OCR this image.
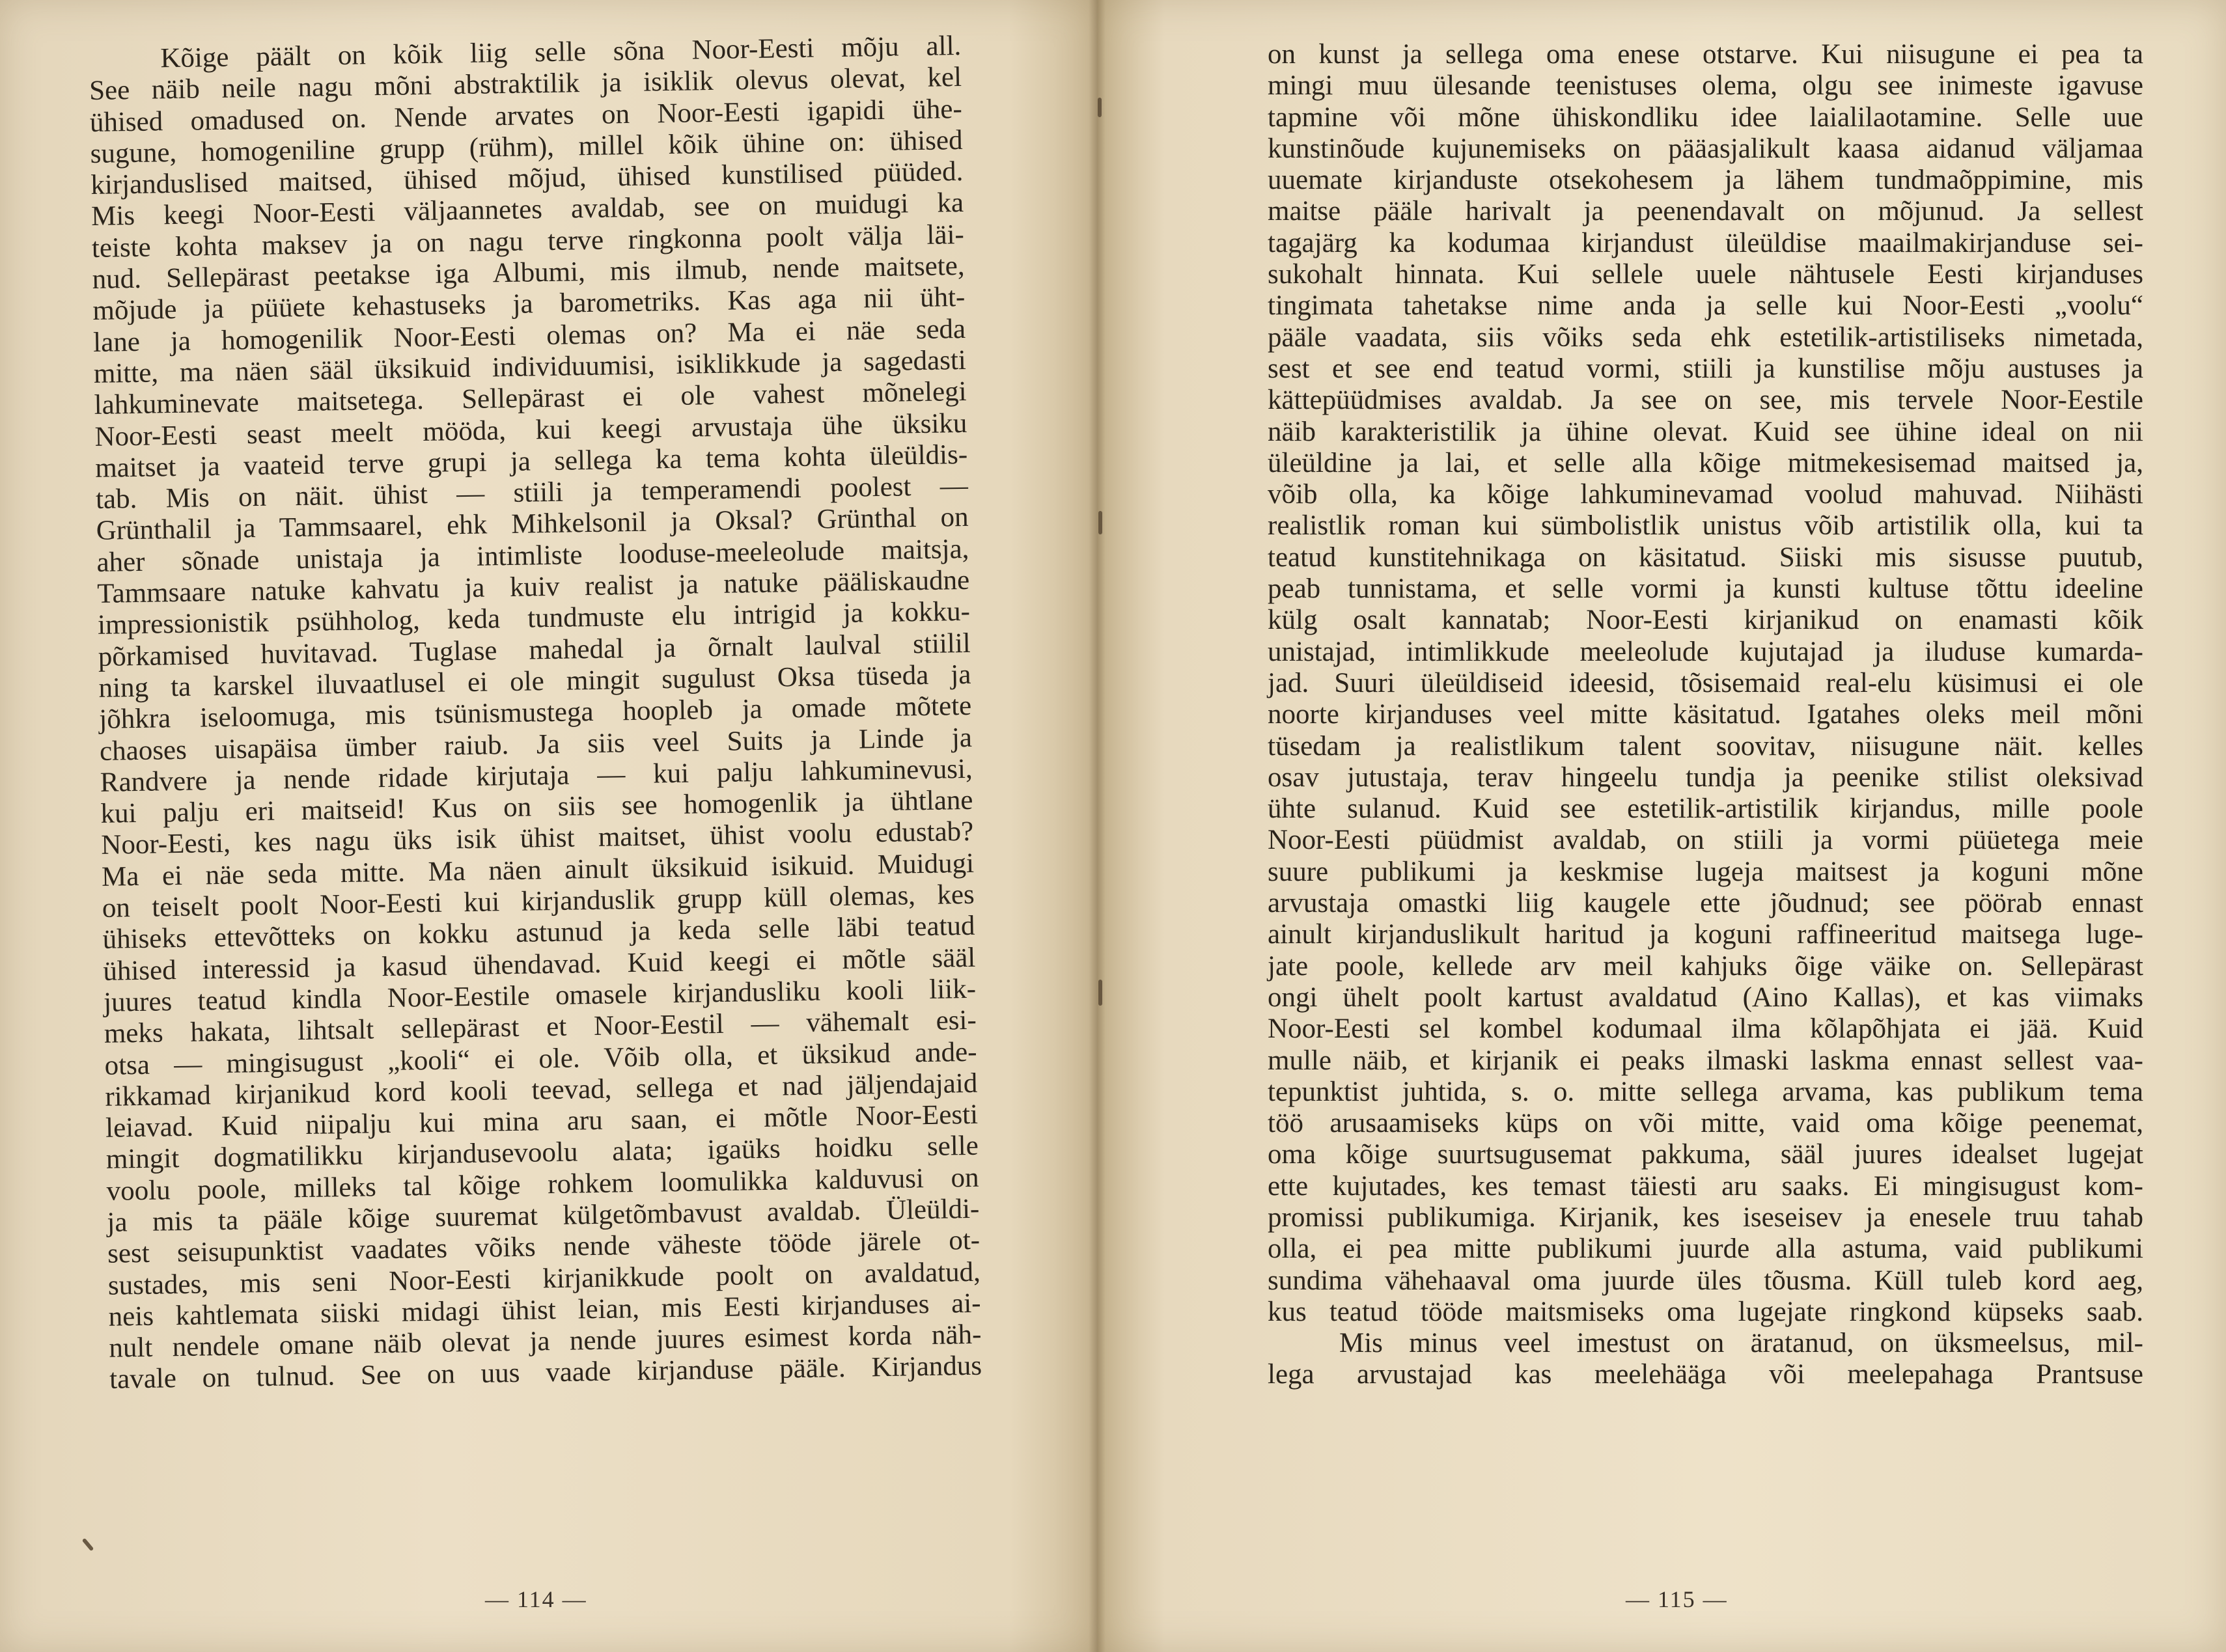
Kõige päält on kõik liig selle sõna Noor-Eesti mõju all.
See näib neile nagu mõni abstraktilik ja isiklik olevus olevat, kel
ühised omadused on. Nende arvates on Noor-Eesti igapidi ühe-
sugune, homogeniline grupp (rühm), millel kõik ühine on: ühised
kirjanduslised maitsed, ühised mõjud, ühised kunstilised püüded.
Mis keegi Noor-Eesti väljaannetes avaldab, see on muidugi ka
teiste kohta maksev ja on nagu terve ringkonna poolt välja läi-
nud. Sellepärast peetakse iga Albumi, mis ilmub, nende maitsete,
mõjude ja püüete kehastuseks ja barometriks. Kas aga nii üht-
lane ja homogenilik Noor-Eesti olemas on? Ma ei näe seda
mitte, ma näen sääl üksikuid individuumisi, isiklikkude ja sagedasti
lahkuminevate maitsetega. Sellepärast ei ole vahest mõnelegi
Noor-Eesti seast meelt mööda, kui keegi arvustaja ühe üksiku
maitset ja vaateid terve grupi ja sellega ka tema kohta üleüldis-
tab. Mis on näit. ühist — stiili ja temperamendi poolest —
Grünthalil ja Tammsaarel, ehk Mihkelsonil ja Oksal? Grünthal on
aher sõnade unistaja ja intimliste looduse-meeleolude maitsja,
Tammsaare natuke kahvatu ja kuiv realist ja natuke pääliskaudne
impressionistik psühholog, keda tundmuste elu intrigid ja kokku-
põrkamised huvitavad. Tuglase mahedal ja õrnalt laulval stiilil
ning ta karskel iluvaatlusel ei ole mingit sugulust Oksa tüseda ja
jõhkra iseloomuga, mis tsünismustega hoopleb ja omade mõtete
chaoses uisapäisa ümber raiub. Ja siis veel Suits ja Linde ja
Randvere ja nende ridade kirjutaja — kui palju lahkuminevusi,
kui palju eri maitseid! Kus on siis see homogenlik ja ühtlane
Noor-Eesti, kes nagu üks isik ühist maitset, ühist voolu edustab?
Ma ei näe seda mitte. Ma näen ainult üksikuid isikuid. Muidugi
on teiselt poolt Noor-Eesti kui kirjanduslik grupp küll olemas, kes
ühiseks ettevõtteks on kokku astunud ja keda selle läbi teatud
ühised interessid ja kasud ühendavad. Kuid keegi ei mõtle sääl
juures teatud kindla Noor-Eestile omasele kirjandusliku kooli liik-
meks hakata, lihtsalt sellepärast et Noor-Eestil — vähemalt esi-
otsa — mingisugust „kooli“ ei ole. Võib olla, et üksikud ande-
rikkamad kirjanikud kord kooli teevad, sellega et nad jäljendajaid
leiavad. Kuid niipalju kui mina aru saan, ei mõtle Noor-Eesti
mingit dogmatilikku kirjandusevoolu alata; igaüks hoidku selle
voolu poole, milleks tal kõige rohkem loomulikka kalduvusi on
ja mis ta pääle kõige suuremat külgetõmbavust avaldab. Üleüldi-
sest seisupunktist vaadates võiks nende väheste tööde järele ot-
sustades, mis seni Noor-Eesti kirjanikkude poolt on avaldatud,
neis kahtlemata siiski midagi ühist leian, mis Eesti kirjanduses ai-
nult nendele omane näib olevat ja nende juures esimest korda näh-
tavale on tulnud. See on uus vaade kirjanduse pääle. Kirjandus
— 114 —
on kunst ja sellega oma enese otstarve. Kui niisugune ei pea ta
mingi muu ülesande teenistuses olema, olgu see inimeste igavuse
tapmine või mõne ühiskondliku idee laialilaotamine. Selle uue
kunstinõude kujunemiseks on pääasjalikult kaasa aidanud väljamaa
uuemate kirjanduste otsekohesem ja lähem tundmaõppimine, mis
maitse pääle harivalt ja peenendavalt on mõjunud. Ja sellest
tagajärg ka kodumaa kirjandust üleüldise maailmakirjanduse sei-
sukohalt hinnata. Kui sellele uuele nähtusele Eesti kirjanduses
tingimata tahetakse nime anda ja selle kui Noor-Eesti „voolu“
pääle vaadata, siis võiks seda ehk estetilik-artistiliseks nimetada,
sest et see end teatud vormi, stiili ja kunstilise mõju austuses ja
kättepüüdmises avaldab. Ja see on see, mis tervele Noor-Eestile
näib karakteristilik ja ühine olevat. Kuid see ühine ideal on nii
üleüldine ja lai, et selle alla kõige mitmekesisemad maitsed ja,
võib olla, ka kõige lahkuminevamad voolud mahuvad. Niihästi
realistlik roman kui sümbolistlik unistus võib artistilik olla, kui ta
teatud kunstitehnikaga on käsitatud. Siiski mis sisusse puutub,
peab tunnistama, et selle vormi ja kunsti kultuse tõttu ideeline
külg osalt kannatab; Noor-Eesti kirjanikud on enamasti kõik
unistajad, intimlikkude meeleolude kujutajad ja iluduse kumarda-
jad. Suuri üleüldiseid ideesid, tõsisemaid real-elu küsimusi ei ole
noorte kirjanduses veel mitte käsitatud. Igatahes oleks meil mõni
tüsedam ja realistlikum talent soovitav, niisugune näit. kelles
osav jutustaja, terav hingeelu tundja ja peenike stilist oleksivad
ühte sulanud. Kuid see estetilik-artistilik kirjandus, mille poole
Noor-Eesti püüdmist avaldab, on stiili ja vormi püüetega meie
suure publikumi ja keskmise lugeja maitsest ja koguni mõne
arvustaja omastki liig kaugele ette jõudnud; see pöörab ennast
ainult kirjanduslikult haritud ja koguni raffineeritud maitsega luge-
jate poole, kellede arv meil kahjuks õige väike on. Sellepärast
ongi ühelt poolt kartust avaldatud (Aino Kallas), et kas viimaks
Noor-Eesti sel kombel kodumaal ilma kõlapõhjata ei jää. Kuid
mulle näib, et kirjanik ei peaks ilmaski laskma ennast sellest vaa-
tepunktist juhtida, s. o. mitte sellega arvama, kas publikum tema
töö arusaamiseks küps on või mitte, vaid oma kõige peenemat,
oma kõige suurtsugusemat pakkuma, sääl juures idealset lugejat
ette kujutades, kes temast täiesti aru saaks. Ei mingisugust kom-
promissi publikumiga. Kirjanik, kes iseseisev ja enesele truu tahab
olla, ei pea mitte publikumi juurde alla astuma, vaid publikumi
sundima vähehaaval oma juurde üles tõusma. Küll tuleb kord aeg,
kus teatud tööde maitsmiseks oma lugejate ringkond küpseks saab.
Mis minus veel imestust on äratanud, on üksmeelsus, mil-
lega arvustajad kas meelehääga või meelepahaga Prantsuse
— 115 —
